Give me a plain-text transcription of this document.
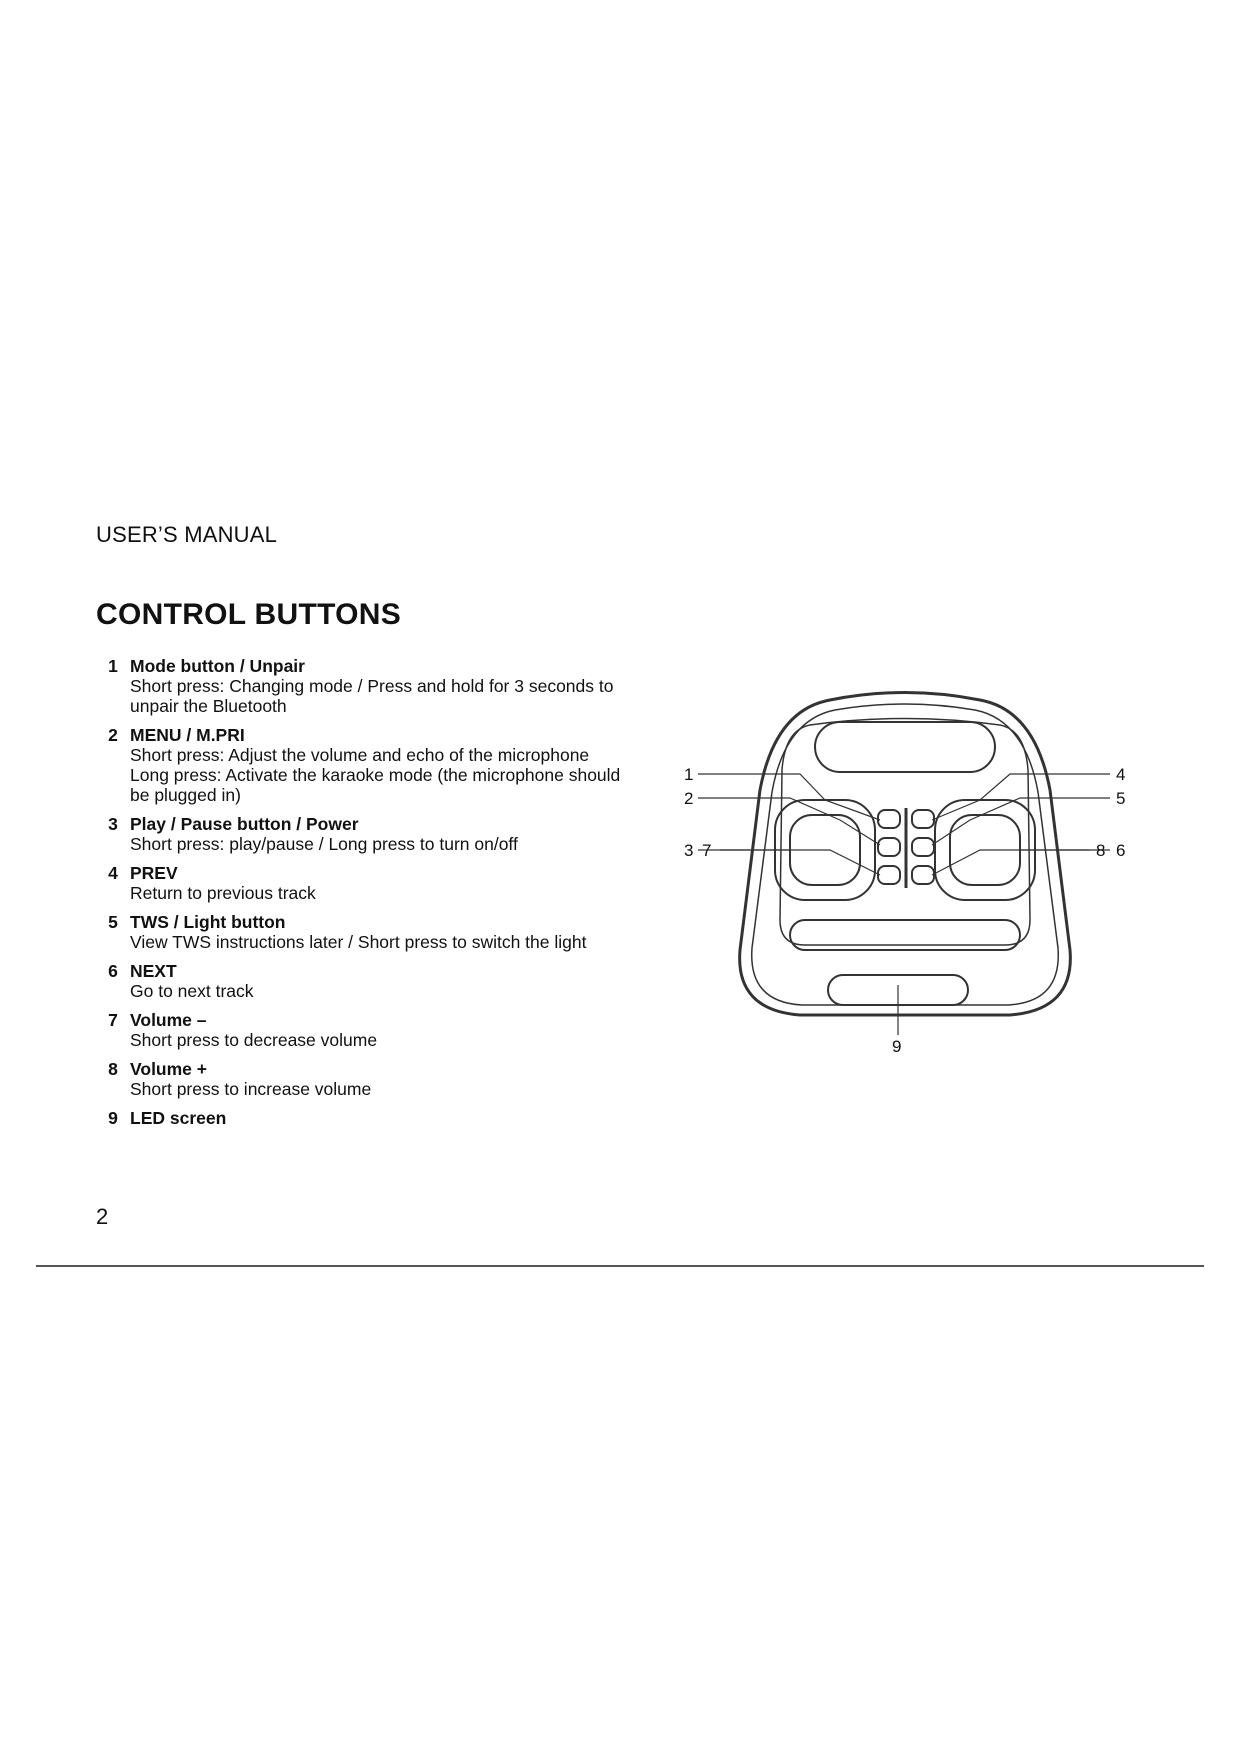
USER’S MANUAL
CONTROL BUTTONS
1 Mode button / Unpair
Short press: Changing mode / Press and hold for 3 seconds to
unpair the Bluetooth
2 MENU / M.PRI
Short press: Adjust the volume and echo of the microphone
Long press: Activate the karaoke mode (the microphone should
be plugged in)
3 Play / Pause button / Power
Short press: play/pause / Long press to turn on/off
4 PREV
Return to previous track
5 TWS / Light button
View TWS instructions later / Short press to switch the light
6 NEXT
Go to next track
7 Volume –
Short press to decrease volume
8 Volume +
Short press to increase volume
9 LED screen
1
2
3
4
5
6
7	8
9
2
